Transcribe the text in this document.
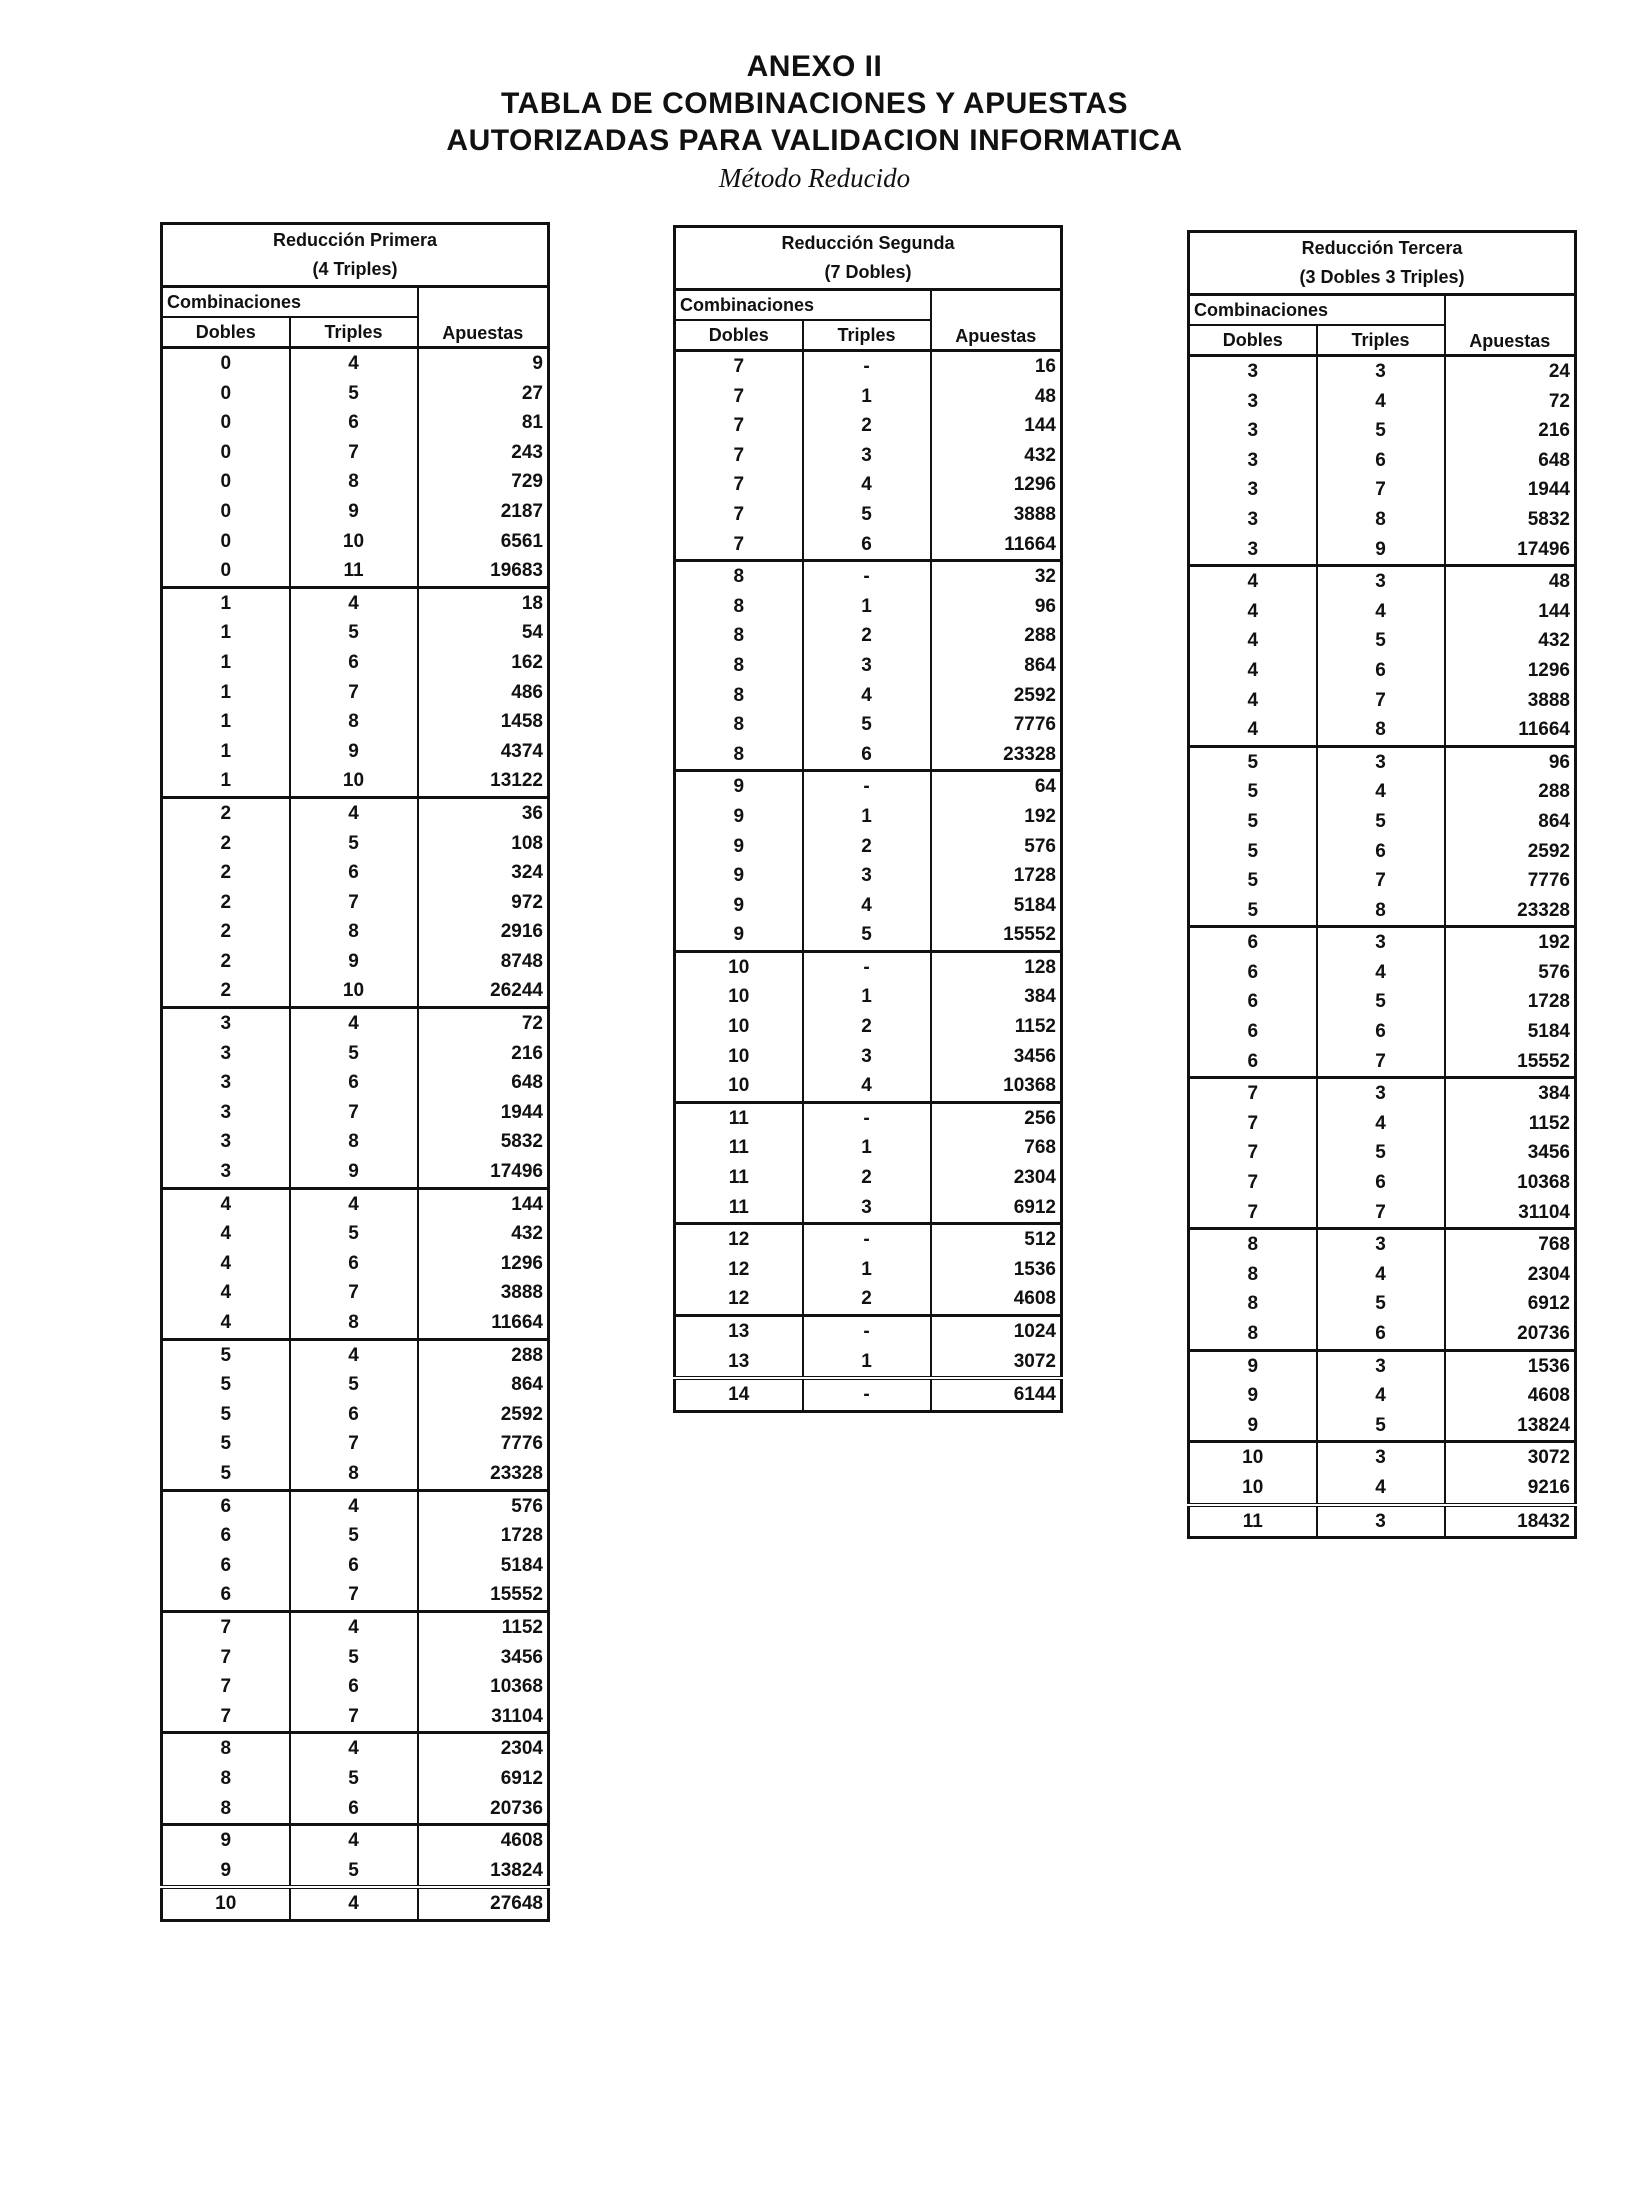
ANEXO II
TABLA DE COMBINACIONES Y APUESTAS
AUTORIZADAS PARA VALIDACION INFORMATICA
Método Reducido
Reducción Primera
(4 Triples)		

Combinaciones		Apuestas
Dobles	Triples	
0	4	9
0	5	27
0	6	81
0	7	243
0	8	729
0	9	2187
0	10	6561
0	11	19683
1	4	18
1	5	54
1	6	162
1	7	486
1	8	1458
1	9	4374
1	10	13122
2	4	36
2	5	108
2	6	324
2	7	972
2	8	2916
2	9	8748
2	10	26244
3	4	72
3	5	216
3	6	648
3	7	1944
3	8	5832
3	9	17496
4	4	144
4	5	432
4	6	1296
4	7	3888
4	8	11664
5	4	288
5	5	864
5	6	2592
5	7	7776
5	8	23328
6	4	576
6	5	1728
6	6	5184
6	7	15552
7	4	1152
7	5	3456
7	6	10368
7	7	31104
8	4	2304
8	5	6912
8	6	20736
9	4	4608
9	5	13824
10	4	27648
Reducción Segunda
(7 Dobles)		

Combinaciones		Apuestas
Dobles	Triples	
7	-	16
7	1	48
7	2	144
7	3	432
7	4	1296
7	5	3888
7	6	11664
8	-	32
8	1	96
8	2	288
8	3	864
8	4	2592
8	5	7776
8	6	23328
9	-	64
9	1	192
9	2	576
9	3	1728
9	4	5184
9	5	15552
10	-	128
10	1	384
10	2	1152
10	3	3456
10	4	10368
11	-	256
11	1	768
11	2	2304
11	3	6912
12	-	512
12	1	1536
12	2	4608
13	-	1024
13	1	3072
14	-	6144
Reducción Tercera
(3 Dobles 3 Triples)		

Combinaciones		Apuestas
Dobles	Triples	
3	3	24
3	4	72
3	5	216
3	6	648
3	7	1944
3	8	5832
3	9	17496
4	3	48
4	4	144
4	5	432
4	6	1296
4	7	3888
4	8	11664
5	3	96
5	4	288
5	5	864
5	6	2592
5	7	7776
5	8	23328
6	3	192
6	4	576
6	5	1728
6	6	5184
6	7	15552
7	3	384
7	4	1152
7	5	3456
7	6	10368
7	7	31104
8	3	768
8	4	2304
8	5	6912
8	6	20736
9	3	1536
9	4	4608
9	5	13824
10	3	3072
10	4	9216
11	3	18432
